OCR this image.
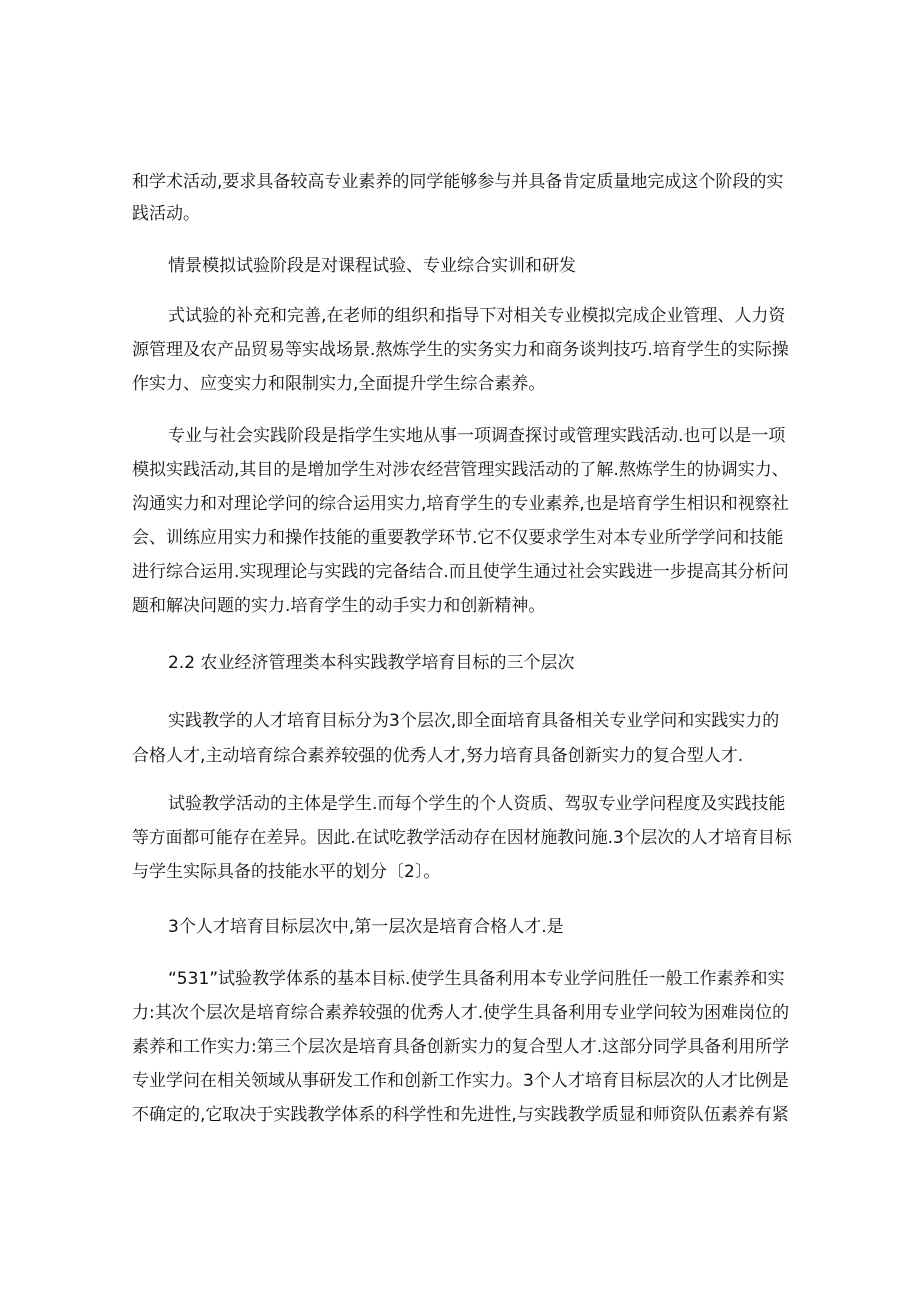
和学术活动,要求具备较高专业素养的同学能够参与并具备肯定质量地完成这个阶段的实
践活动。
情景模拟试验阶段是对课程试验、专业综合实训和研发
式试验的补充和完善,在老师的组织和指导下对相关专业模拟完成企业管理、人力资
源管理及农产品贸易等实战场景.熬炼学生的实务实力和商务谈判技巧.培育学生的实际操
作实力、应变实力和限制实力,全面提升学生综合素养。
专业与社会实践阶段是指学生实地从事一项调查探讨或管理实践活动.也可以是一项
模拟实践活动,其目的是增加学生对涉农经营管理实践活动的了解.熬炼学生的协调实力、
沟通实力和对理论学问的综合运用实力,培育学生的专业素养,也是培育学生相识和视察社
会、训练应用实力和操作技能的重要教学环节.它不仅要求学生对本专业所学学问和技能
进行综合运用.实现理论与实践的完备结合.而且使学生通过社会实践进一步提高其分析问
题和解决问题的实力.培育学生的动手实力和创新精神。
2.2 农业经济管理类本科实践教学培育目标的三个层次
实践教学的人才培育目标分为3个层次,即全面培育具备相关专业学问和实践实力的
合格人才,主动培育综合素养较强的优秀人才,努力培育具备创新实力的复合型人才.
试验教学活动的主体是学生.而每个学生的个人资质、驾驭专业学问程度及实践技能
等方面都可能存在差异。因此.在试吃教学活动存在因材施教问施.3个层次的人才培育目标
与学生实际具备的技能水平的划分〔2〕。
3个人才培育目标层次中,第一层次是培育合格人才.是
“531”试验教学体系的基本目标.使学生具备利用本专业学问胜任一般工作素养和实
力:其次个层次是培育综合素养较强的优秀人才.使学生具备利用专业学问较为困难岗位的
素养和工作实力:第三个层次是培育具备创新实力的复合型人才.这部分同学具备利用所学
专业学问在相关领域从事研发工作和创新工作实力。3个人才培育目标层次的人才比例是
不确定的,它取决于实践教学体系的科学性和先进性,与实践教学质显和师资队伍素养有紧
